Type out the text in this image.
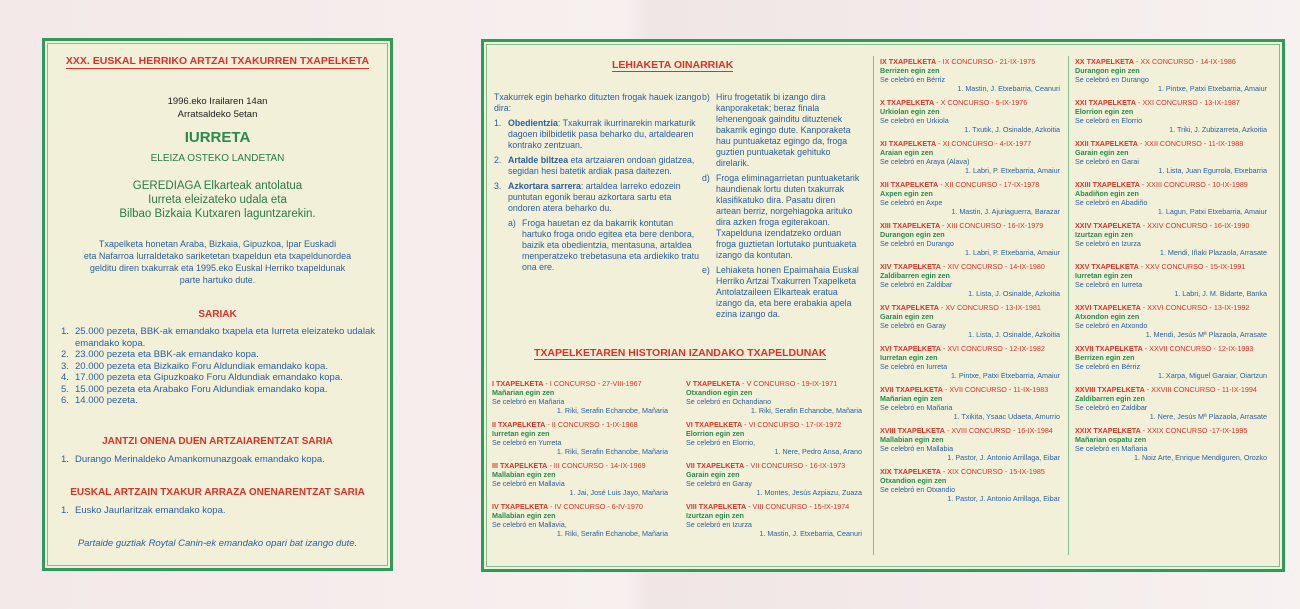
XXX. EUSKAL HERRIKO ARTZAI TXAKURREN TXAPELKETA
1996.eko Irailaren 14an
Arratsaldeko 5etan
IURRETA
ELEIZA OSTEKO LANDETAN
GEREDIAGA Elkarteak antolatua
Iurreta eleizateko udala eta
Bilbao Bizkaia Kutxaren laguntzarekin.
Txapelketa honetan Araba, Bizkaia, Gipuzkoa, Ipar Euskadi
eta Nafarroa lurraldetako sariketetan txapeldun eta txapeldunordea
gelditu diren txakurrak eta 1995.eko Euskal Herriko txapeldunak
parte hartuko dute.
SARIAK
1. 25.000 pezeta, BBK-ak emandako txapela eta Iurreta eleizateko udalak emandako kopa.
2. 23.000 pezeta eta BBK-ak emandako kopa.
3. 20.000 pezeta eta Bizkaiko Foru Aldundiak emandako kopa.
4. 17.000 pezeta eta Gipuzkoako Foru Aldundiak emandako kopa.
5. 15.000 pezeta eta Arabako Foru Aldundiak emandako kopa.
6. 14.000 pezeta.
JANTZI ONENA DUEN ARTZAIARENTZAT SARIA
1. Durango Merinaldeko Amankomunazgoak emandako kopa.
EUSKAL ARTZAIN TXAKUR ARRAZA ONENARENTZAT SARIA
1. Eusko Jaurlaritzak emandako kopa.
Partaide guztiak Roytal Canin-ek emandako opari bat izango dute.
LEHIAKETA OINARRIAK
Txakurrek egin beharko dituzten frogak hauek izango dira:
1. Obedientzia: Txakurrak ikurrinarekin markaturik dagoen ibilbidetik pasa beharko du, artaldearen kontrako zentzuan.
2. Artalde biltzea eta artzaiaren ondoan gidatzea, segidan hesi batetik ardiak pasa daitezen.
3. Azkortara sarrera: artaldea Iarreko edozein puntutan egonik berau azkortara sartu eta ondoren atera beharko du.
a) Froga hauetan ez da bakarrik kontutan hartuko froga ondo egitea eta bere denbora, baizik eta obedientzia, mentasuna, artaldea menperatzeko trebetasuna eta ardiekiko tratu ona ere.
b) Hiru frogetatik bi izango dira kanporaketak; beraz finala lehenengoak gainditu dituztenek bakarrik egingo dute. Kanporaketa hau puntuaketaz egingo da, froga guztien puntuaketak gehituko direlarik.
d) Froga eliminagarrietan puntuaketarik haundienak lortu duten txakurrak klasifikatuko dira. Pasatu diren artean berriz, norgehiagoka arituko dira azken froga egiterakoan. Txapelduna izendatzeko orduan froga guztietan lortutako puntuaketa izango da kontutan.
e) Lehiaketa honen Epaimahaia Euskal Herriko Artzai Txakurren Txapelketa Antolatzaileen Elkarteak eratua izango da, eta bere erabakia apela ezina izango da.
TXAPELKETAREN HISTORIAN IZANDAKO TXAPELDUNAK
I TXAPELKETA - I CONCURSO - 27-VIII-1967
Mañarian egin zen
Se celebró en Mañaria
1. Riki, Serafin Echanobe, Mañaria
II TXAPELKETA - II CONCURSO - 1-IX-1968
Iurretan egin zen
Se celebró en Yurreta
1. Riki, Serafin Echanobe, Mañaria
III TXAPELKETA - III CONCURSO - 14-IX-1969
Mallabian egin zen
Se celebró en Mallavia
1. Jai, José Luis Jayo, Mañaria
IV TXAPELKETA - IV CONCURSO - 6-IV-1970
Mallabian egin zen
Se celebró en Mallavia,
1. Riki, Serafin Echanobe, Mañaria
V TXAPELKETA - V CONCURSO - 19-IX-1971
Otxandion egin zen
Se celebró en Ochandiano
1. Riki, Serafin Echanobe, Mañaria
VI TXAPELKETA - VI CONCURSO - 17-IX-1972
Elorrion egin zen
Se celebró en Elorrio,
1. Nere, Pedro Ansa, Arano
VII TXAPELKETA - VII CONCURSO - 16-IX-1973
Garain egin zen
Se celebró en Garay
1. Montes, Jesús Azpiazu, Zuaza
VIII TXAPELKETA - VIII CONCURSO - 15-IX-1974
Izurtzan egin zen
Se celebró en Izurza
1. Mastin, J. Etxebarria, Ceanuri
IX TXAPELKETA - IX CONCURSO - 21-IX-1975
Berrizen egin zen
Se celebró en Bérriz
1. Mastin, J. Etxebarria, Ceanuri
X TXAPELKETA - X CONCURSO - 5-IX-1976
Urkiolan egin zen
Se celebró en Urkiola
1. Txutik, J. Osinalde, Azkoitia
XI TXAPELKETA - XI CONCURSO - 4-IX-1977
Araian egin zen
Se celebró en Araya (Alava)
1. Labri, P. Etxebarria, Amaiur
XII TXAPELKETA - XII CONCURSO - 17-IX-1978
Axpen egin zen
Se celebró en Axpe
1. Mastin, J. Ajuriaguerra, Barazar
XIII TXAPELKETA - XIII CONCURSO - 16-IX-1979
Durangon egin zen
Se celebró en Durango
1. Labri, P. Etxebarria, Amaiur
XIV TXAPELKETA - XIV CONCURSO - 14-IX-1980
Zaldibarren egin zen
Se celebró en Zaldibar
1. Lista, J. Osinalde, Azkoitia
XV TXAPELKETA - XV CONCURSO - 13-IX-1981
Garain egin zen
Se celebró en Garay
1. Lista, J. Osinalde, Azkoitia
XVI TXAPELKETA - XVI CONCURSO - 12-IX-1982
Iurretan egin zen
Se celebró en Iurreta
1. Pintxe, Patxi Etxebarria, Amaiur
XVII TXAPELKETA - XVII CONCURSO - 11-IX-1983
Mañarian egin zen
Se celebró en Mañaria
1. Txikita, Ysaac Udaeta, Amurrio
XVIII TXAPELKETA - XVIII CONCURSO - 16-IX-1984
Mallabian egin zen
Se celebró en Mallabia
1. Pastor, J. Antonio Arrillaga, Eibar
XIX TXAPELKETA - XIX CONCURSO - 15-IX-1985
Otxandion egin zen
Se celebró en Otxandio
1. Pastor, J. Antonio Arrillaga, Eibar
XX TXAPELKETA - XX CONCURSO - 14-IX-1986
Durangon egin zen
Se celebró en Durango
1. Pintxe, Patxi Etxebarria, Amaiur
XXI TXAPELKETA - XXI CONCURSO - 13-IX-1987
Elorrion egin zen
Se celebró en Elorrio
1. Triki, J. Zubizarreta, Azkoitia
XXII TXAPELKETA - XXII CONCURSO - 11-IX-1988
Garain egin zen
Se celebró en Garai
1. Lista, Juan Egurrola, Etxebarria
XXIII TXAPELKETA - XXIII CONCURSO - 10-IX-1989
Abadiñon egin zen
Se celebró en Abadiño
1. Lagun, Patxi Etxebarria, Amaiur
XXIV TXAPELKETA - XXIV CONCURSO - 16-IX-1990
Izurtzan egin zen
Se celebró en Izurza
1. Mendi, Iñaki Plazaola, Arrasate
XXV TXAPELKETA - XXV CONCURSO - 15-IX-1991
Iurretan egin zen
Se celebró en Iurreta
1. Labri, J. M. Bidarte, Banka
XXVI TXAPELKETA - XXVI CONCURSO - 13-IX-1992
Atxondon egin zen
Se celebró en Atxondo
1. Mendi, Jesús Mª Plazaola, Arrasate
XXVII TXAPELKETA - XXVII CONCURSO - 12-IX-1993
Berrizen egin zen
Se celebró en Bérriz
1. Xarpa, Miguel Garaiar, Oiartzun
XXVIII TXAPELKETA - XXVIII CONCURSO - 11-IX-1994
Zaldibarren egin zen
Se celebró en Zaldibar
1. Nere, Jesús Mª Plazaola, Arrasate
XXIX TXAPELKETA - XXIX CONCURSO -17-IX-1995
Mañarian ospatu zen
Se celebró en Mañaria
1. Noiz Arte, Enrique Mendiguren, Orozko
